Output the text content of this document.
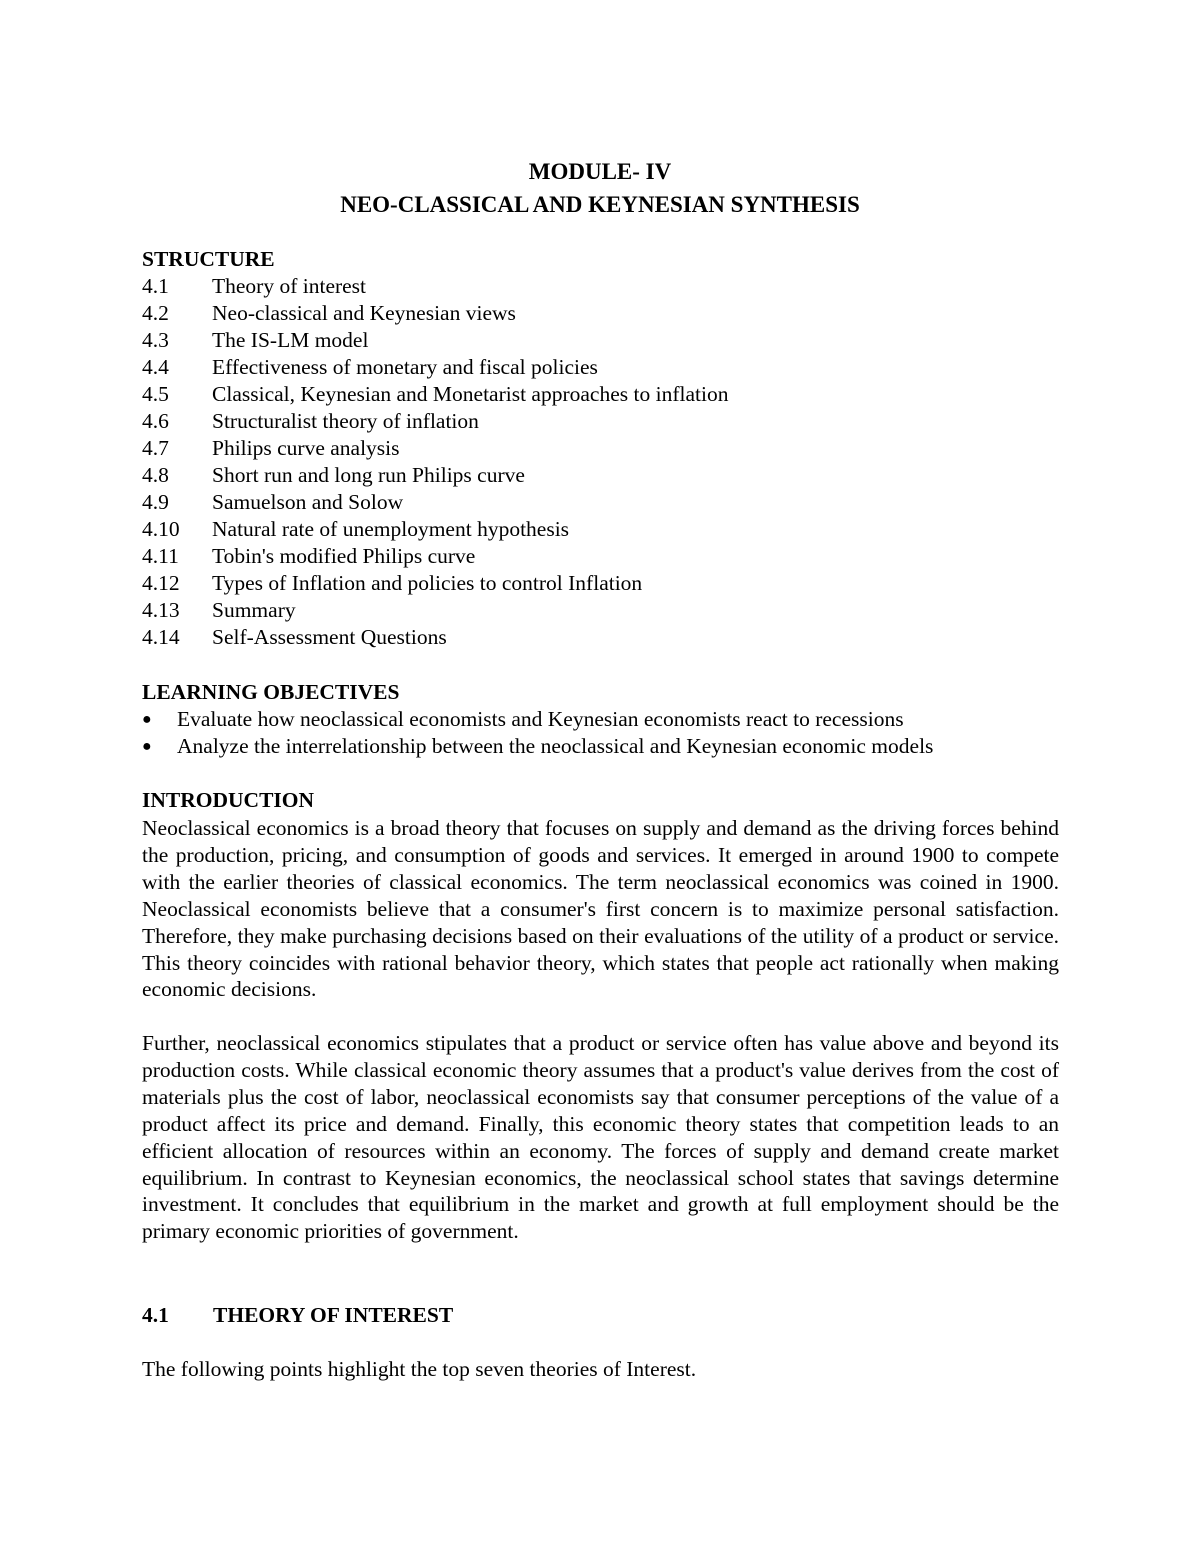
MODULE- IV
NEO-CLASSICAL AND KEYNESIAN SYNTHESIS
STRUCTURE
4.1	Theory of interest
4.2	Neo-classical and Keynesian views
4.3	The IS-LM model
4.4	Effectiveness of monetary and fiscal policies
4.5	Classical, Keynesian and Monetarist approaches to inflation
4.6	Structuralist theory of inflation
4.7	Philips curve analysis
4.8	Short run and long run Philips curve
4.9	Samuelson and Solow
4.10	Natural rate of unemployment hypothesis
4.11	Tobin's modified Philips curve
4.12	Types of Inflation and policies to control Inflation
4.13	Summary
4.14	Self-Assessment Questions
LEARNING OBJECTIVES
●	Evaluate how neoclassical economists and Keynesian economists react to recessions
●	Analyze the interrelationship between the neoclassical and Keynesian economic models
INTRODUCTION

Neoclassical economics is a broad theory that focuses on supply and demand as the driving forces behind the production, pricing, and consumption of goods and services. It emerged in around 1900 to compete with the earlier theories of classical economics. The term neoclassical economics was coined in 1900. Neoclassical economists believe that a consumer's first concern is to maximize personal satisfaction. Therefore, they make purchasing decisions based on their evaluations of the utility of a product or service. This theory coincides with rational behavior theory, which states that people act rationally when making economic decisions.

Further, neoclassical economics stipulates that a product or service often has value above and beyond its production costs. While classical economic theory assumes that a product's value derives from the cost of materials plus the cost of labor, neoclassical economists say that consumer perceptions of the value of a product affect its price and demand. Finally, this economic theory states that competition leads to an efficient allocation of resources within an economy. The forces of supply and demand create market equilibrium. In contrast to Keynesian economics, the neoclassical school states that savings determine investment. It concludes that equilibrium in the market and growth at full employment should be the primary economic priorities of government.

4.1	THEORY OF INTEREST

The following points highlight the top seven theories of Interest.
